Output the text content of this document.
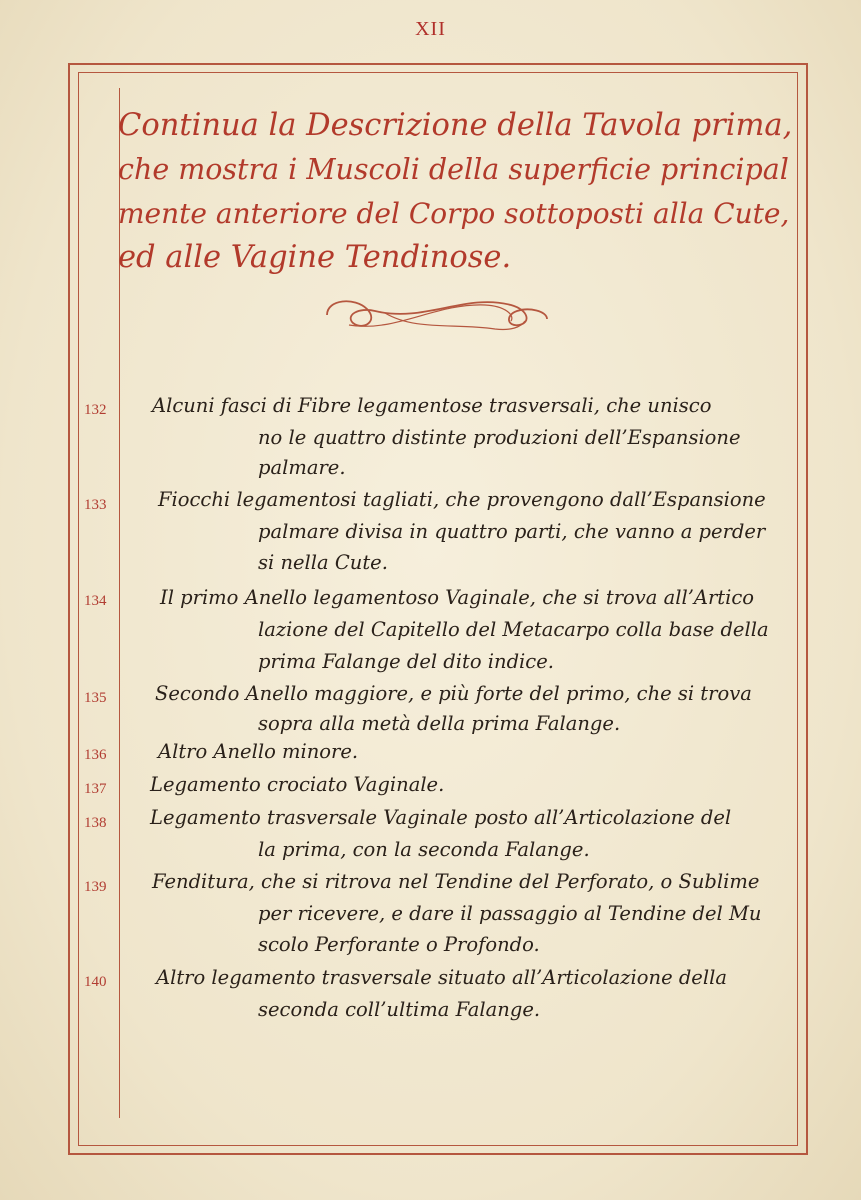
XII
Continua la Descrizione della Tavola prima,
che mostra i Muscoli della superficie principal
mente anteriore del Corpo sottoposti alla Cute,
ed alle Vagine Tendinose.
132	Alcuni fasci di Fibre legamentose trasversali, che unisco
no le quattro distinte produzioni dell’Espansione
palmare.
133	Fiocchi legamentosi tagliati, che provengono dall’Espansione
palmare divisa in quattro parti, che vanno a perder
si nella Cute.
134	Il primo Anello legamentoso Vaginale, che si trova all’Artico
lazione del Capitello del Metacarpo colla base della
prima Falange del dito indice.
135	Secondo Anello maggiore, e più forte del primo, che si trova
sopra alla metà della prima Falange.
136	Altro Anello minore.
137	Legamento crociato Vaginale.
138	Legamento trasversale Vaginale posto all’Articolazione del
la prima, con la seconda Falange.
139	Fenditura, che si ritrova nel Tendine del Perforato, o Sublime
per ricevere, e dare il passaggio al Tendine del Mu
scolo Perforante o Profondo.
140	Altro legamento trasversale situato all’Articolazione della
seconda coll’ultima Falange.
